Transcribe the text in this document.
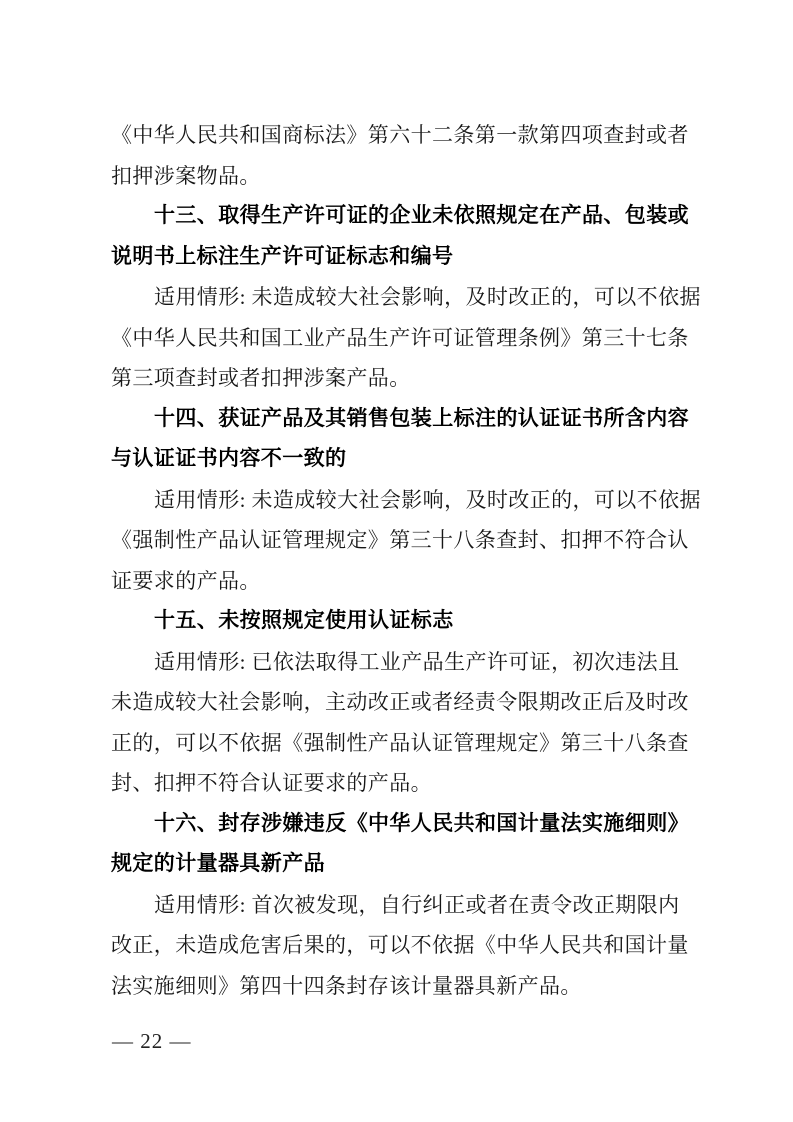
《中华人民共和国商标法》第六十二条第一款第四项查封或者
扣押涉案物品。
十三、取得生产许可证的企业未依照规定在产品、包装或
说明书上标注生产许可证标志和编号
适用情形: 未造成较大社会影响，及时改正的，可以不依据
《中华人民共和国工业产品生产许可证管理条例》第三十七条
第三项查封或者扣押涉案产品。
十四、获证产品及其销售包装上标注的认证证书所含内容
与认证证书内容不一致的
适用情形: 未造成较大社会影响，及时改正的，可以不依据
《强制性产品认证管理规定》第三十八条查封、扣押不符合认
证要求的产品。
十五、未按照规定使用认证标志
适用情形: 已依法取得工业产品生产许可证，初次违法且
未造成较大社会影响，主动改正或者经责令限期改正后及时改
正的，可以不依据《强制性产品认证管理规定》第三十八条查
封、扣押不符合认证要求的产品。
十六、封存涉嫌违反《中华人民共和国计量法实施细则》
规定的计量器具新产品
适用情形: 首次被发现，自行纠正或者在责令改正期限内
改正，未造成危害后果的，可以不依据《中华人民共和国计量
法实施细则》第四十四条封存该计量器具新产品。
— 22 —
